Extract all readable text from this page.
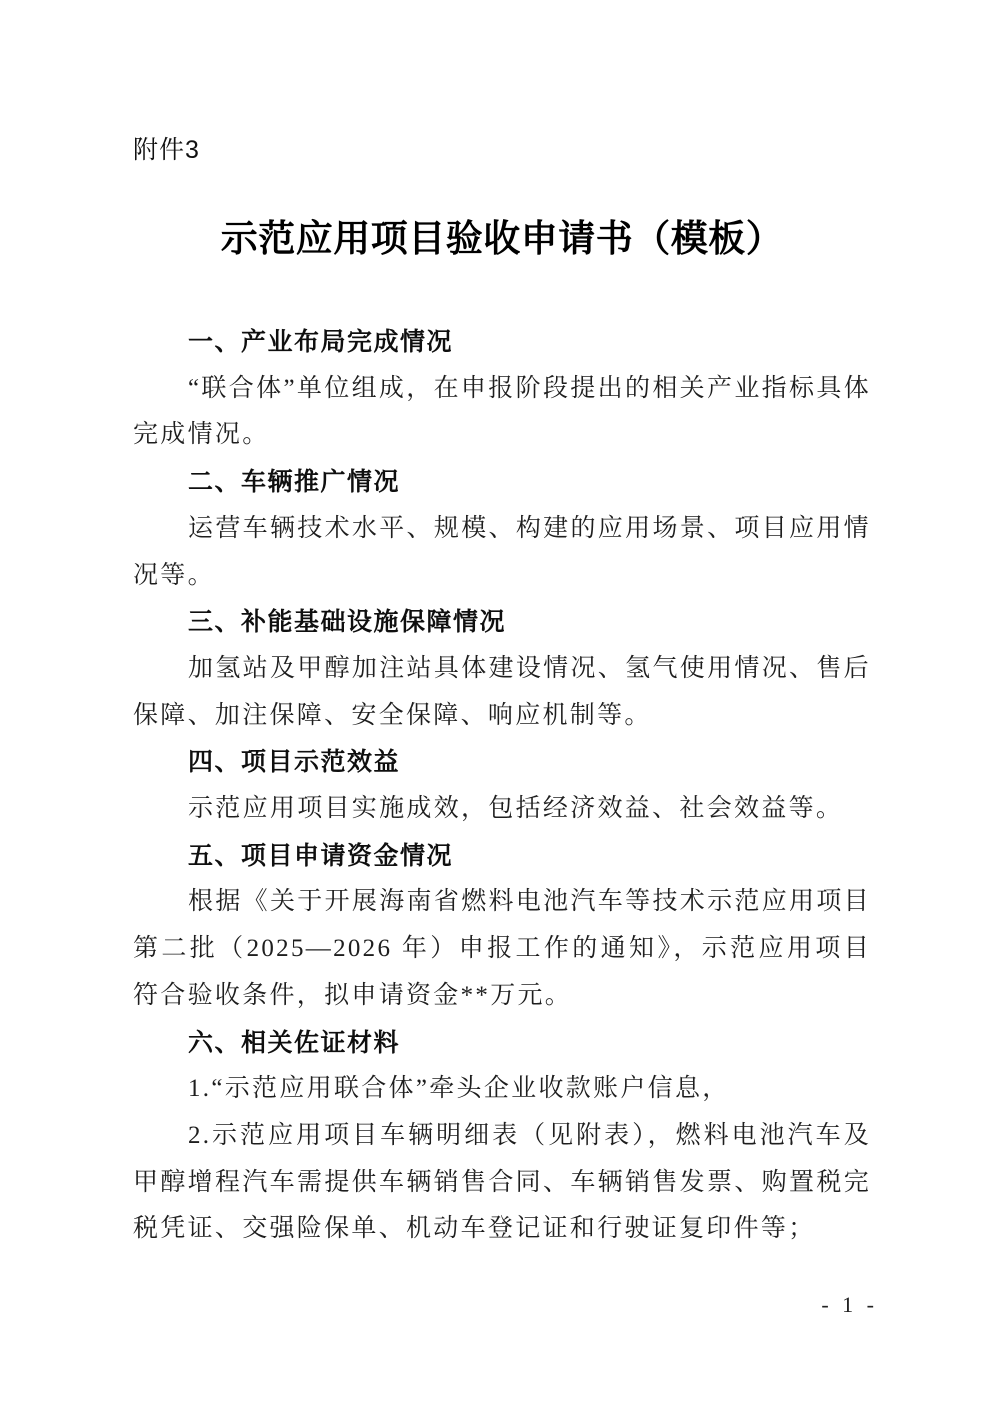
附件3
示范应用项目验收申请书（模板）
一、产业布局完成情况

“联合体”单位组成，在申报阶段提出的相关产业指标具体完成情况。

二、车辆推广情况

运营车辆技术水平、规模、构建的应用场景、项目应用情况等。

三、补能基础设施保障情况

加氢站及甲醇加注站具体建设情况、氢气使用情况、售后保障、加注保障、安全保障、响应机制等。

四、项目示范效益

示范应用项目实施成效，包括经济效益、社会效益等。

五、项目申请资金情况

根据《关于开展海南省燃料电池汽车等技术示范应用项目第二批（2025—2026 年）申报工作的通知》，示范应用项目符合验收条件，拟申请资金**万元。

六、相关佐证材料

1.“示范应用联合体”牵头企业收款账户信息，

2.示范应用项目车辆明细表（见附表），燃料电池汽车及甲醇增程汽车需提供车辆销售合同、车辆销售发票、购置税完税凭证、交强险保单、机动车登记证和行驶证复印件等；

- 1 -
